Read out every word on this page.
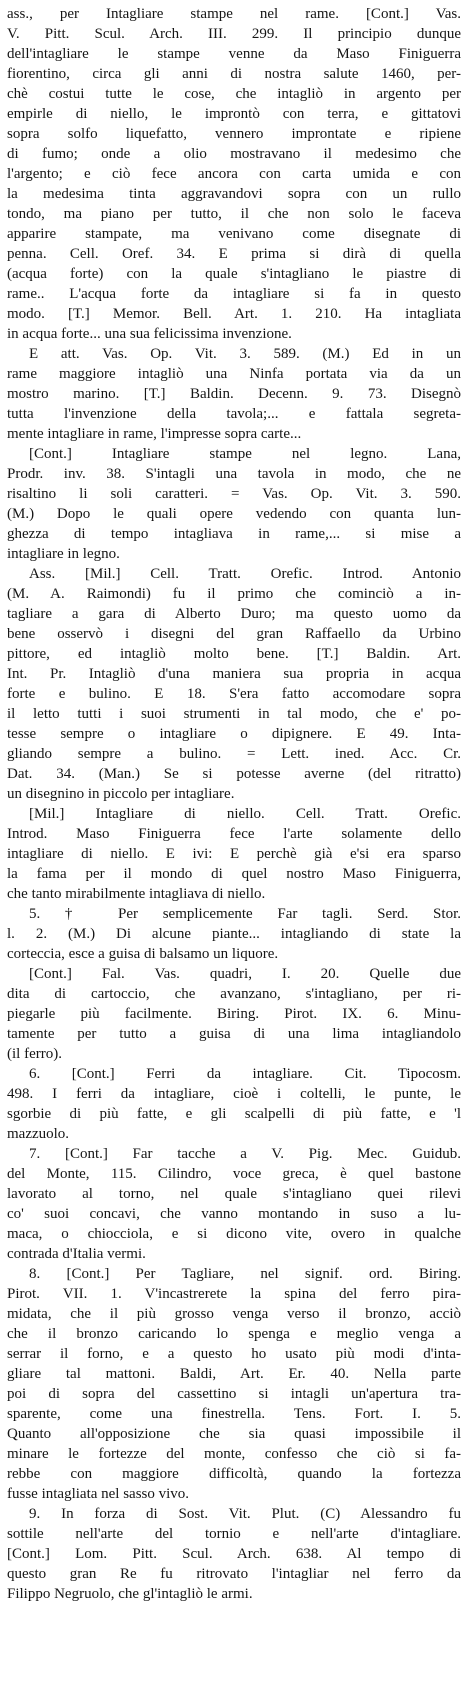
ass., per Intagliare stampe nel rame. [Cont.] Vas.
V. Pitt. Scul. Arch. III. 299. Il principio dunque
dell'intagliare le stampe venne da Maso Finiguerra
fiorentino, circa gli anni di nostra salute 1460, per-
chè costui tutte le cose, che intagliò in argento per
empirle di niello, le improntò con terra, e gittatovi
sopra solfo liquefatto, vennero improntate e ripiene
di fumo; onde a olio mostravano il medesimo che
l'argento; e ciò fece ancora con carta umida e con
la medesima tinta aggravandovi sopra con un rullo
tondo, ma piano per tutto, il che non solo le faceva
apparire stampate, ma venivano come disegnate di
penna. Cell. Oref. 34. E prima si dirà di quella
(acqua forte) con la quale s'intagliano le piastre di
rame.. L'acqua forte da intagliare si fa in questo
modo. [T.] Memor. Bell. Art. 1. 210. Ha intagliata
in acqua forte... una sua felicissima invenzione.
E att. Vas. Op. Vit. 3. 589. (M.) Ed in un
rame maggiore intagliò una Ninfa portata via da un
mostro marino. [T.] Baldin. Decenn. 9. 73. Disegnò
tutta l'invenzione della tavola;... e fattala segreta-
mente intagliare in rame, l'impresse sopra carte...
[Cont.] Intagliare stampe nel legno. Lana,
Prodr. inv. 38. S'intagli una tavola in modo, che ne
risaltino li soli caratteri. = Vas. Op. Vit. 3. 590.
(M.) Dopo le quali opere vedendo con quanta lun-
ghezza di tempo intagliava in rame,... si mise a
intagliare in legno.
Ass. [Mil.] Cell. Tratt. Orefic. Introd. Antonio
(M. A. Raimondi) fu il primo che cominciò a in-
tagliare a gara di Alberto Duro; ma questo uomo da
bene osservò i disegni del gran Raffaello da Urbino
pittore, ed intagliò molto bene. [T.] Baldin. Art.
Int. Pr. Intagliò d'una maniera sua propria in acqua
forte e bulino. E 18. S'era fatto accomodare sopra
il letto tutti i suoi strumenti in tal modo, che e' po-
tesse sempre o intagliare o dipignere. E 49. Inta-
gliando sempre a bulino. = Lett. ined. Acc. Cr.
Dat. 34. (Man.) Se si potesse averne (del ritratto)
un disegnino in piccolo per intagliare.
[Mil.] Intagliare di niello. Cell. Tratt. Orefic.
Introd. Maso Finiguerra fece l'arte solamente dello
intagliare di niello. E ivi: E perchè già e'si era sparso
la fama per il mondo di quel nostro Maso Finiguerra,
che tanto mirabilmente intagliava di niello.
5. † Per semplicemente Far tagli. Serd. Stor.
l. 2. (M.) Di alcune piante... intagliando di state la
corteccia, esce a guisa di balsamo un liquore.
[Cont.] Fal. Vas. quadri, I. 20. Quelle due
dita di cartoccio, che avanzano, s'intagliano, per ri-
piegarle più facilmente. Biring. Pirot. IX. 6. Minu-
tamente per tutto a guisa di una lima intagliandolo
(il ferro).
6. [Cont.] Ferri da intagliare. Cit. Tipocosm.
498. I ferri da intagliare, cioè i coltelli, le punte, le
sgorbie di più fatte, e gli scalpelli di più fatte, e 'l
mazzuolo.
7. [Cont.] Far tacche a V. Pig. Mec. Guidub.
del Monte, 115. Cilindro, voce greca, è quel bastone
lavorato al torno, nel quale s'intagliano quei rilevi
co' suoi concavi, che vanno montando in suso a lu-
maca, o chiocciola, e si dicono vite, overo in qualche
contrada d'Italia vermi.
8. [Cont.] Per Tagliare, nel signif. ord. Biring.
Pirot. VII. 1. V'incastrerete la spina del ferro pira-
midata, che il più grosso venga verso il bronzo, acciò
che il bronzo caricando lo spenga e meglio venga a
serrar il forno, e a questo ho usato più modi d'inta-
gliare tal mattoni. Baldi, Art. Er. 40. Nella parte
poi di sopra del cassettino si intagli un'apertura tra-
sparente, come una finestrella. Tens. Fort. I. 5.
Quanto all'opposizione che sia quasi impossibile il
minare le fortezze del monte, confesso che ciò si fa-
rebbe con maggiore difficoltà, quando la fortezza
fusse intagliata nel sasso vivo.
9. In forza di Sost. Vit. Plut. (C) Alessandro fu
sottile nell'arte del tornio e nell'arte d'intagliare.
[Cont.] Lom. Pitt. Scul. Arch. 638. Al tempo di
questo gran Re fu ritrovato l'intagliar nel ferro da
Filippo Negruolo, che gl'intagliò le armi.
